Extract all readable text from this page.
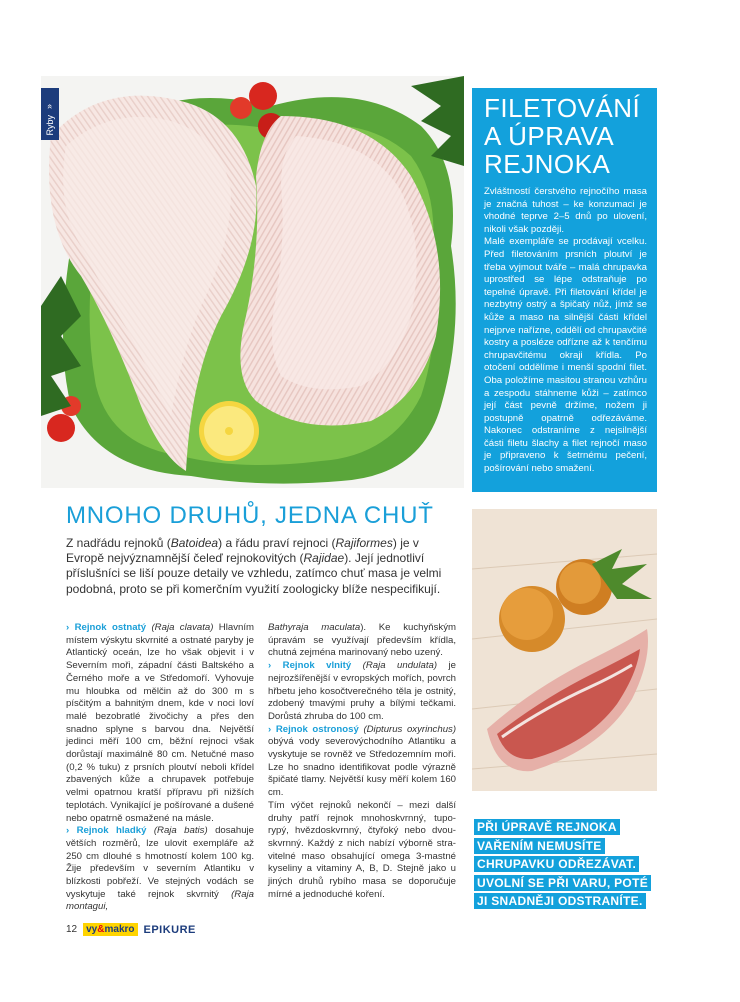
»
Ryby
FILETOVÁNÍ
A ÚPRAVA
REJNOKA

Zvláštností čerstvého rejnočího masa je značná tuhost – ke konzumaci je vhodné teprve 2–5 dnů po ulovení, nikoli však později.

Malé exempláře se prodávají vcelku. Před filetováním prsních ploutví je třeba vyjmout tváře – malá chrupavka uprostřed se lépe odstraňuje po tepelné úpravě. Při filetování křídel je nezbytný ostrý a špičatý nůž, jímž se kůže a maso na silnější části křídel nejprve nařízne, oddělí od chrupavčité kostry a posléze odřízne až k tenčímu chrupavčitému okraji křídla. Po otočení oddělíme i menší spodní filet. Oba položíme masitou stranou vzhůru a zespodu stáhneme kůži – zatímco její část pevně držíme, nožem ji postupně opatrně odřezáváme. Nakonec odstraníme z nejsilnější části filetu šlachy a filet rejnočí maso je připraveno k šetrnému pečení, pošírování nebo smažení.

MNOHO DRUHŮ, JEDNA CHUŤ

Z nadřádu rejnoků (Batoidea) a řádu praví rejnoci (Rajiformes) je v Evropě nejvýznamnější čeleď rejnokovitých (Rajidae). Její jednotliví příslušníci se liší pouze detaily ve vzhledu, zatímco chuť masa je velmi podobná, proto se při komerčním využití zoologicky blíže nespecifikují.

› Rejnok ostnatý (Raja clavata) Hlavním místem výskytu skvrnité a ostnaté paryby je Atlantický oceán, lze ho však objevit i v Severním moři, západní části Baltského a Černého moře a ve Středomoří. Vyhovuje mu hloubka od mělčin až do 300 m s písčitým a bahnitým dnem, kde v noci loví malé bezobratlé živočichy a přes den snadno splyne s barvou dna. Největší jedinci měří 100 cm, běžní rejnoci však dorůstají maximálně 80 cm. Netučné maso (0,2 % tuku) z prsních ploutví neboli křídel zbavených kůže a chrupavek potřebuje velmi opatrnou kratší přípravu při nižších teplotách. Vynikající je pošírované a dušené nebo opatrně osmažené na másle.

› Rejnok hladký (Raja batis) dosahuje větších rozměrů, lze ulovit exempláře až 250 cm dlouhé s hmotností kolem 100 kg. Žije především v severním Atlantiku v blízkosti pobřeží. Ve stejných vodách se vyskytuje také rejnok skvrnitý (Raja montagui,

Bathyraja maculata). Ke kuchyňským úpravám se využívají především křídla, chutná zejména marinovaný nebo uzený.

› Rejnok vlnitý (Raja undulata) je nejrozšířenější v evropských mořích, povrch hřbetu jeho kosočtverečného těla je ostnitý, zdobený tmavými pruhy a bílými tečkami. Dorůstá zhruba do 100 cm.

› Rejnok ostronosý (Dipturus oxyrinchus) obývá vody severovýchodního Atlantiku a vyskytuje se rovněž ve Středozemním moři. Lze ho snadno identifikovat podle výrazně špičaté tlamy. Největší kusy měří kolem 160 cm.

Tím výčet rejnoků nekončí – mezi další druhy patří rejnok mnohoskvrnný, tupo- rypý, hvězdoskvrnný, čtyřoký nebo dvou- skvrnný. Každý z nich nabízí výborně stra- vitelné maso obsahující omega 3-mastné kyseliny a vitaminy A, B, D. Stejně jako u jiných druhů rybího masa se doporučuje mírné a jednoduché koření.

PŘI ÚPRAVĚ REJNOKA VAŘENÍM NEMUSÍTE CHRUPAVKU ODŘEZÁVAT. UVOLNÍ SE PŘI VARU, POTÉ JI SNADNĚJI ODSTRANÍTE.
12 vy&makro EPIKURE
